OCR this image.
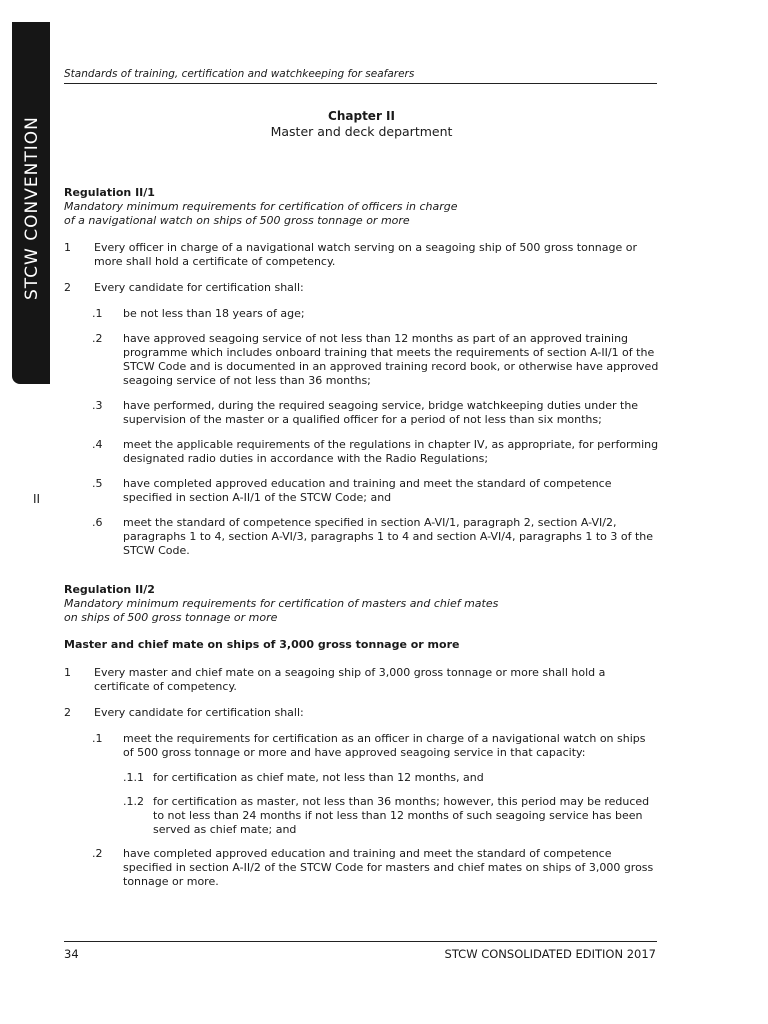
STCW CONVENTION
II
Standards of training, certification and watchkeeping for seafarers
Chapter II
Master and deck department
Regulation II/1
Mandatory minimum requirements for certification of officers in charge
of a navigational watch on ships of 500 gross tonnage or more
1	Every officer in charge of a navigational watch serving on a seagoing ship of 500 gross tonnage or more shall hold a certificate of competency.
2	Every candidate for certification shall:
.1	be not less than 18 years of age;
.2	have approved seagoing service of not less than 12 months as part of an approved training programme which includes onboard training that meets the requirements of section A-II/1 of the STCW Code and is documented in an approved training record book, or otherwise have approved seagoing service of not less than 36 months;
.3	have performed, during the required seagoing service, bridge watchkeeping duties under the supervision of the master or a qualified officer for a period of not less than six months;
.4	meet the applicable requirements of the regulations in chapter IV, as appropriate, for performing designated radio duties in accordance with the Radio Regulations;
.5	have completed approved education and training and meet the standard of competence specified in section A-II/1 of the STCW Code; and
.6	meet the standard of competence specified in section A-VI/1, paragraph 2, section A-VI/2, paragraphs 1 to 4, section A-VI/3, paragraphs 1 to 4 and section A-VI/4, paragraphs 1 to 3 of the STCW Code.
Regulation II/2
Mandatory minimum requirements for certification of masters and chief mates
on ships of 500 gross tonnage or more
Master and chief mate on ships of 3,000 gross tonnage or more
1	Every master and chief mate on a seagoing ship of 3,000 gross tonnage or more shall hold a certificate of competency.
2	Every candidate for certification shall:
.1	meet the requirements for certification as an officer in charge of a navigational watch on ships of 500 gross tonnage or more and have approved seagoing service in that capacity:
.1.1 for certification as chief mate, not less than 12 months, and
.1.2 for certification as master, not less than 36 months; however, this period may be reduced to not less than 24 months if not less than 12 months of such seagoing service has been served as chief mate; and
.2	have completed approved education and training and meet the standard of competence specified in section A-II/2 of the STCW Code for masters and chief mates on ships of 3,000 gross tonnage or more.
34	STCW CONSOLIDATED EDITION 2017
